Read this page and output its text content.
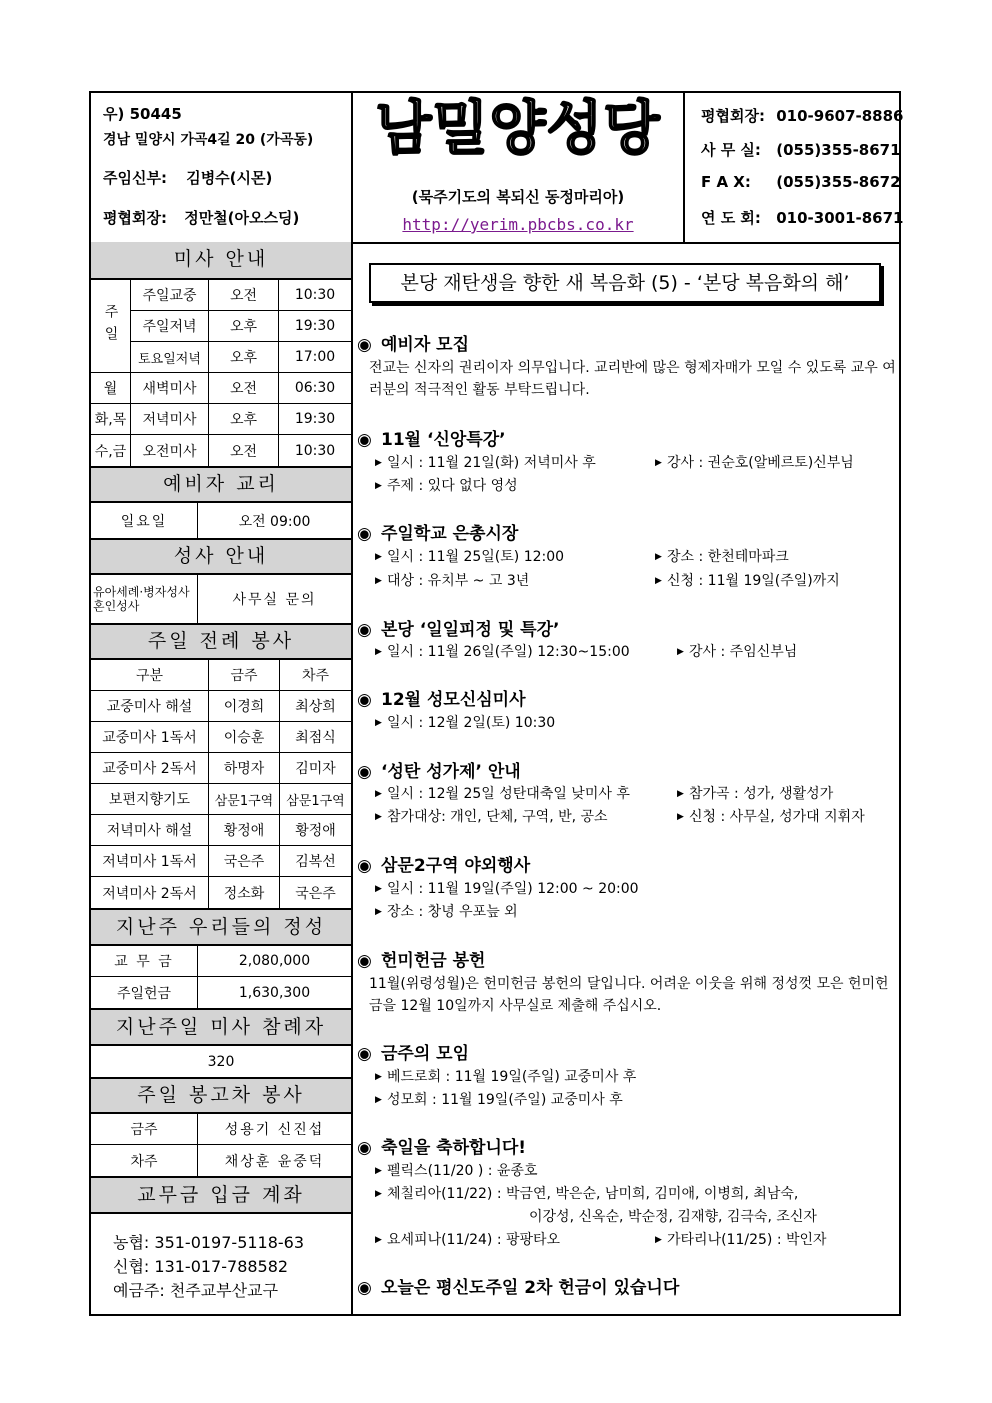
우) 50445
경남 밀양시 가곡4길 20 (가곡동)
주임신부: 김병수(시몬)
평협회장: 정만철(아오스딩)
남밀양성당
(묵주기도의 복되신 동정마리아)
http://yerim.pbcbs.co.kr
평협회장: 010-9607-8886
사 무 실: (055)355-8671
F A X: (055)355-8672
연 도 회: 010-3001-8671
미사 안내
주일
주일교중	오전	10:30
주일저녁	오후	19:30
토요일저녁	오후	17:00
월	새벽미사	오전	06:30
화,목	저녁미사	오후	19:30
수,금	오전미사	오전	10:30
예비자 교리
일요일	오전 09:00
성사 안내
유아세례·병자성사 혼인성사	사무실 문의
주일 전례 봉사
구분	금주	차주
교중미사 해설	이경희	최상희
교중미사 1독서	이승훈	최점식
교중미사 2독서	하명자	김미자
보편지향기도	삼문1구역 삼문1구역
저녁미사 해설	황정애	황정애
저녁미사 1독서	국은주	김복선
저녁미사 2독서	정소화	국은주
지난주 우리들의 정성
교 무 금	2,080,000
주일헌금	1,630,300
지난주일 미사 참례자
320
주일 봉고차 봉사
금주	성용기 신진섭
차주	채상훈 윤중덕
교무금 입금 계좌
농협: 351-0197-5118-63
신협: 131-017-788582
예금주: 천주교부산교구
본당 재탄생을 향한 새 복음화 (5) - ‘본당 복음화의 해’
◉ 예비자 모집
전교는 신자의 권리이자 의무입니다. 교리반에 많은 형제자매가 모일 수 있도록 교우 여러분의 적극적인 활동 부탁드립니다.
◉ 11월 ‘신앙특강’
▶ 일시 : 11월 21일(화) 저녁미사 후	▶ 강사 : 권순호(알베르토)신부님
▶ 주제 : 있다 없다 영성
◉ 주일학교 은총시장
▶ 일시 : 11월 25일(토) 12:00	▶ 장소 : 한천테마파크
▶ 대상 : 유치부 ~ 고 3년	▶ 신청 : 11월 19일(주일)까지
◉ 본당 ‘일일피정 및 특강’
▶ 일시 : 11월 26일(주일) 12:30~15:00	▶ 강사 : 주임신부님
◉ 12월 성모신심미사
▶ 일시 : 12월 2일(토) 10:30
◉ ‘성탄 성가제’ 안내
▶ 일시 : 12월 25일 성탄대축일 낮미사 후	▶ 참가곡 : 성가, 생활성가
▶ 참가대상: 개인, 단체, 구역, 반, 공소	▶ 신청 : 사무실, 성가대 지휘자
◉ 삼문2구역 야외행사
▶ 일시 : 11월 19일(주일) 12:00 ~ 20:00
▶ 장소 : 창녕 우포늪 외
◉ 헌미헌금 봉헌
11월(위령성월)은 헌미헌금 봉헌의 달입니다. 어려운 이웃을 위해 정성껏 모은 헌미헌금을 12월 10일까지 사무실로 제출해 주십시오.
◉ 금주의 모임
▶ 베드로회 : 11월 19일(주일) 교중미사 후
▶ 성모회 : 11월 19일(주일) 교중미사 후
◉ 축일을 축하합니다!
▶ 펠릭스(11/20 ) : 윤종호
▶ 체칠리아(11/22) : 박금연, 박은순, 남미희, 김미애, 이병희, 최남숙,
이강성, 신옥순, 박순정, 김재향, 김극숙, 조신자
▶ 요세피나(11/24) : 팡팡타오	▶ 가타리나(11/25) : 박인자
◉ 오늘은 평신도주일 2차 헌금이 있습니다
